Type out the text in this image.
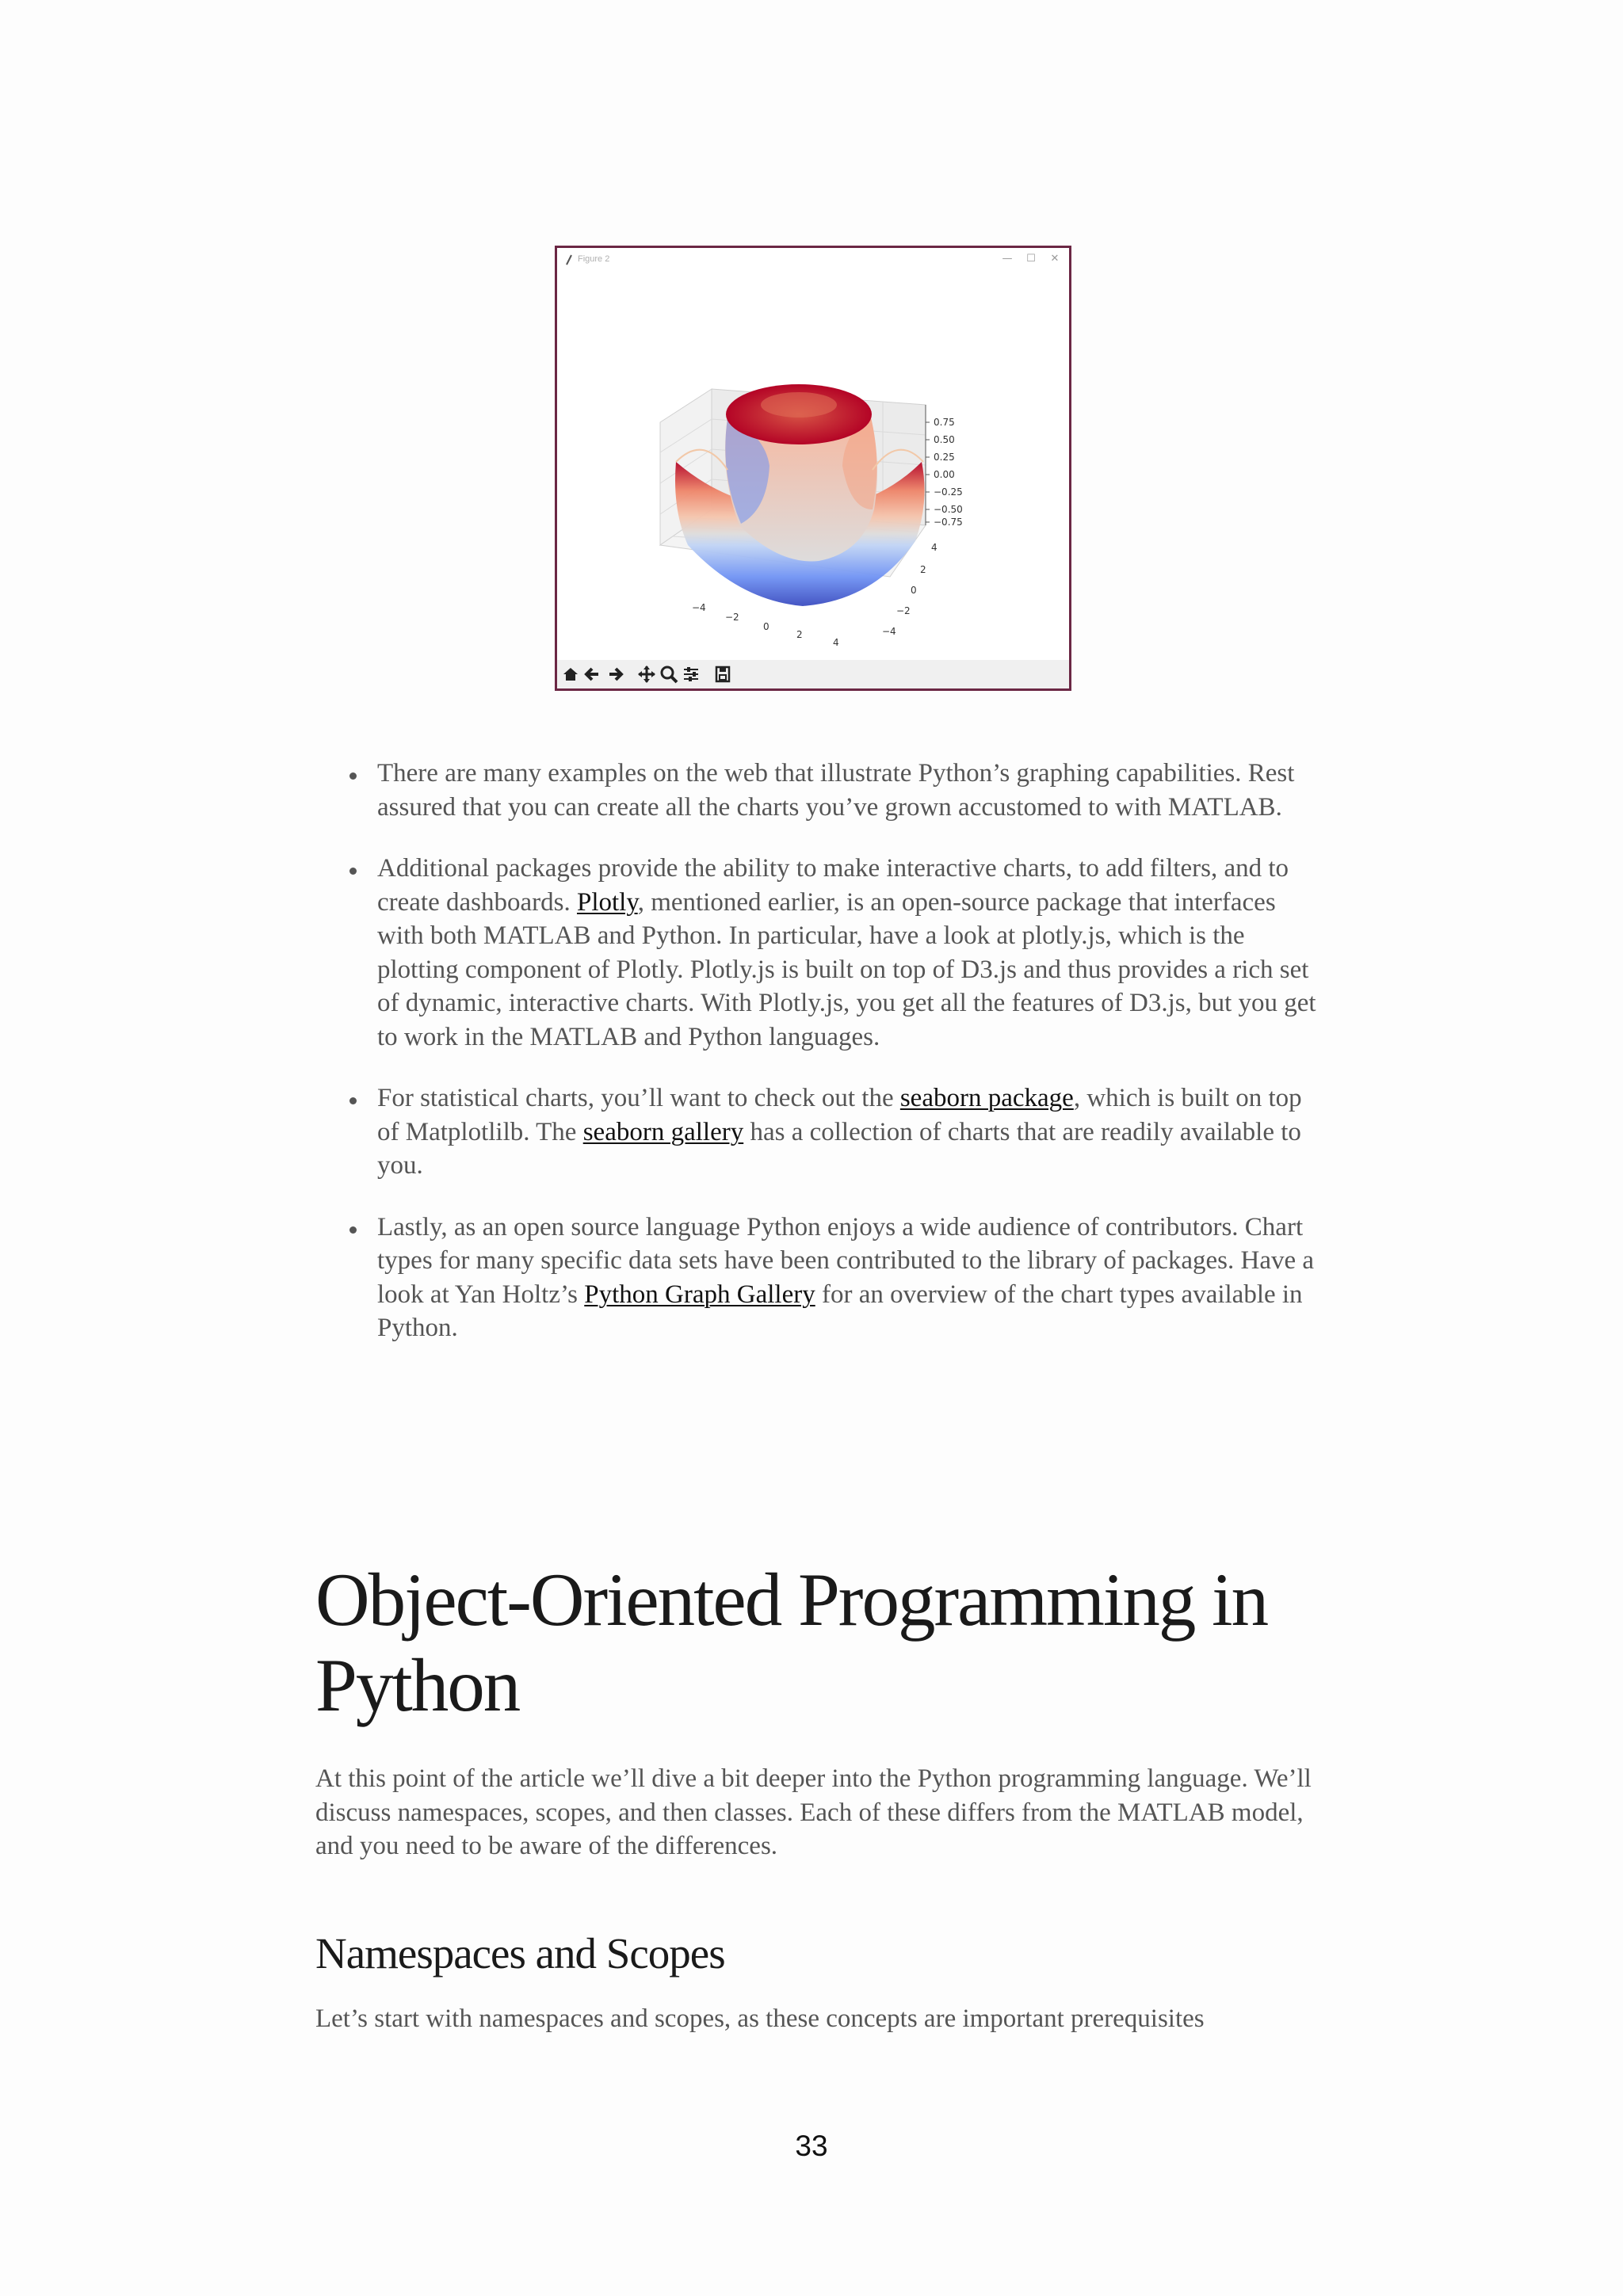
Figure 2	—	☐	✕
0.75
0.50
0.25
0.00
−0.25
−0.50
−0.75
−4
−2
0
2
4
−4
−2
0
2
4
There are many examples on the web that illustrate Python’s graphing capabilities. Rest assured that you can create all the charts you’ve grown accustomed to with MATLAB.
Additional packages provide the ability to make interactive charts, to add filters, and to create dashboards. Plotly, mentioned earlier, is an open-source package that interfaces with both MATLAB and Python. In particular, have a look at plotly.js, which is the plotting component of Plotly. Plotly.js is built on top of D3.js and thus provides a rich set of dynamic, interactive charts. With Plotly.js, you get all the features of D3.js, but you get to work in the MATLAB and Python languages.
For statistical charts, you’ll want to check out the seaborn package, which is built on top of Matplotlilb. The seaborn gallery has a collection of charts that are readily available to you.
Lastly, as an open source language Python enjoys a wide audience of contributors. Chart types for many specific data sets have been contributed to the library of packages. Have a look at Yan Holtz’s Python Graph Gallery for an overview of the chart types available in Python.
Object-Oriented Programming in Python

At this point of the article we’ll dive a bit deeper into the Python programming language. We’ll discuss namespaces, scopes, and then classes. Each of these differs from the MATLAB model, and you need to be aware of the differences.

Namespaces and Scopes

Let’s start with namespaces and scopes, as these concepts are important prerequisites

33
